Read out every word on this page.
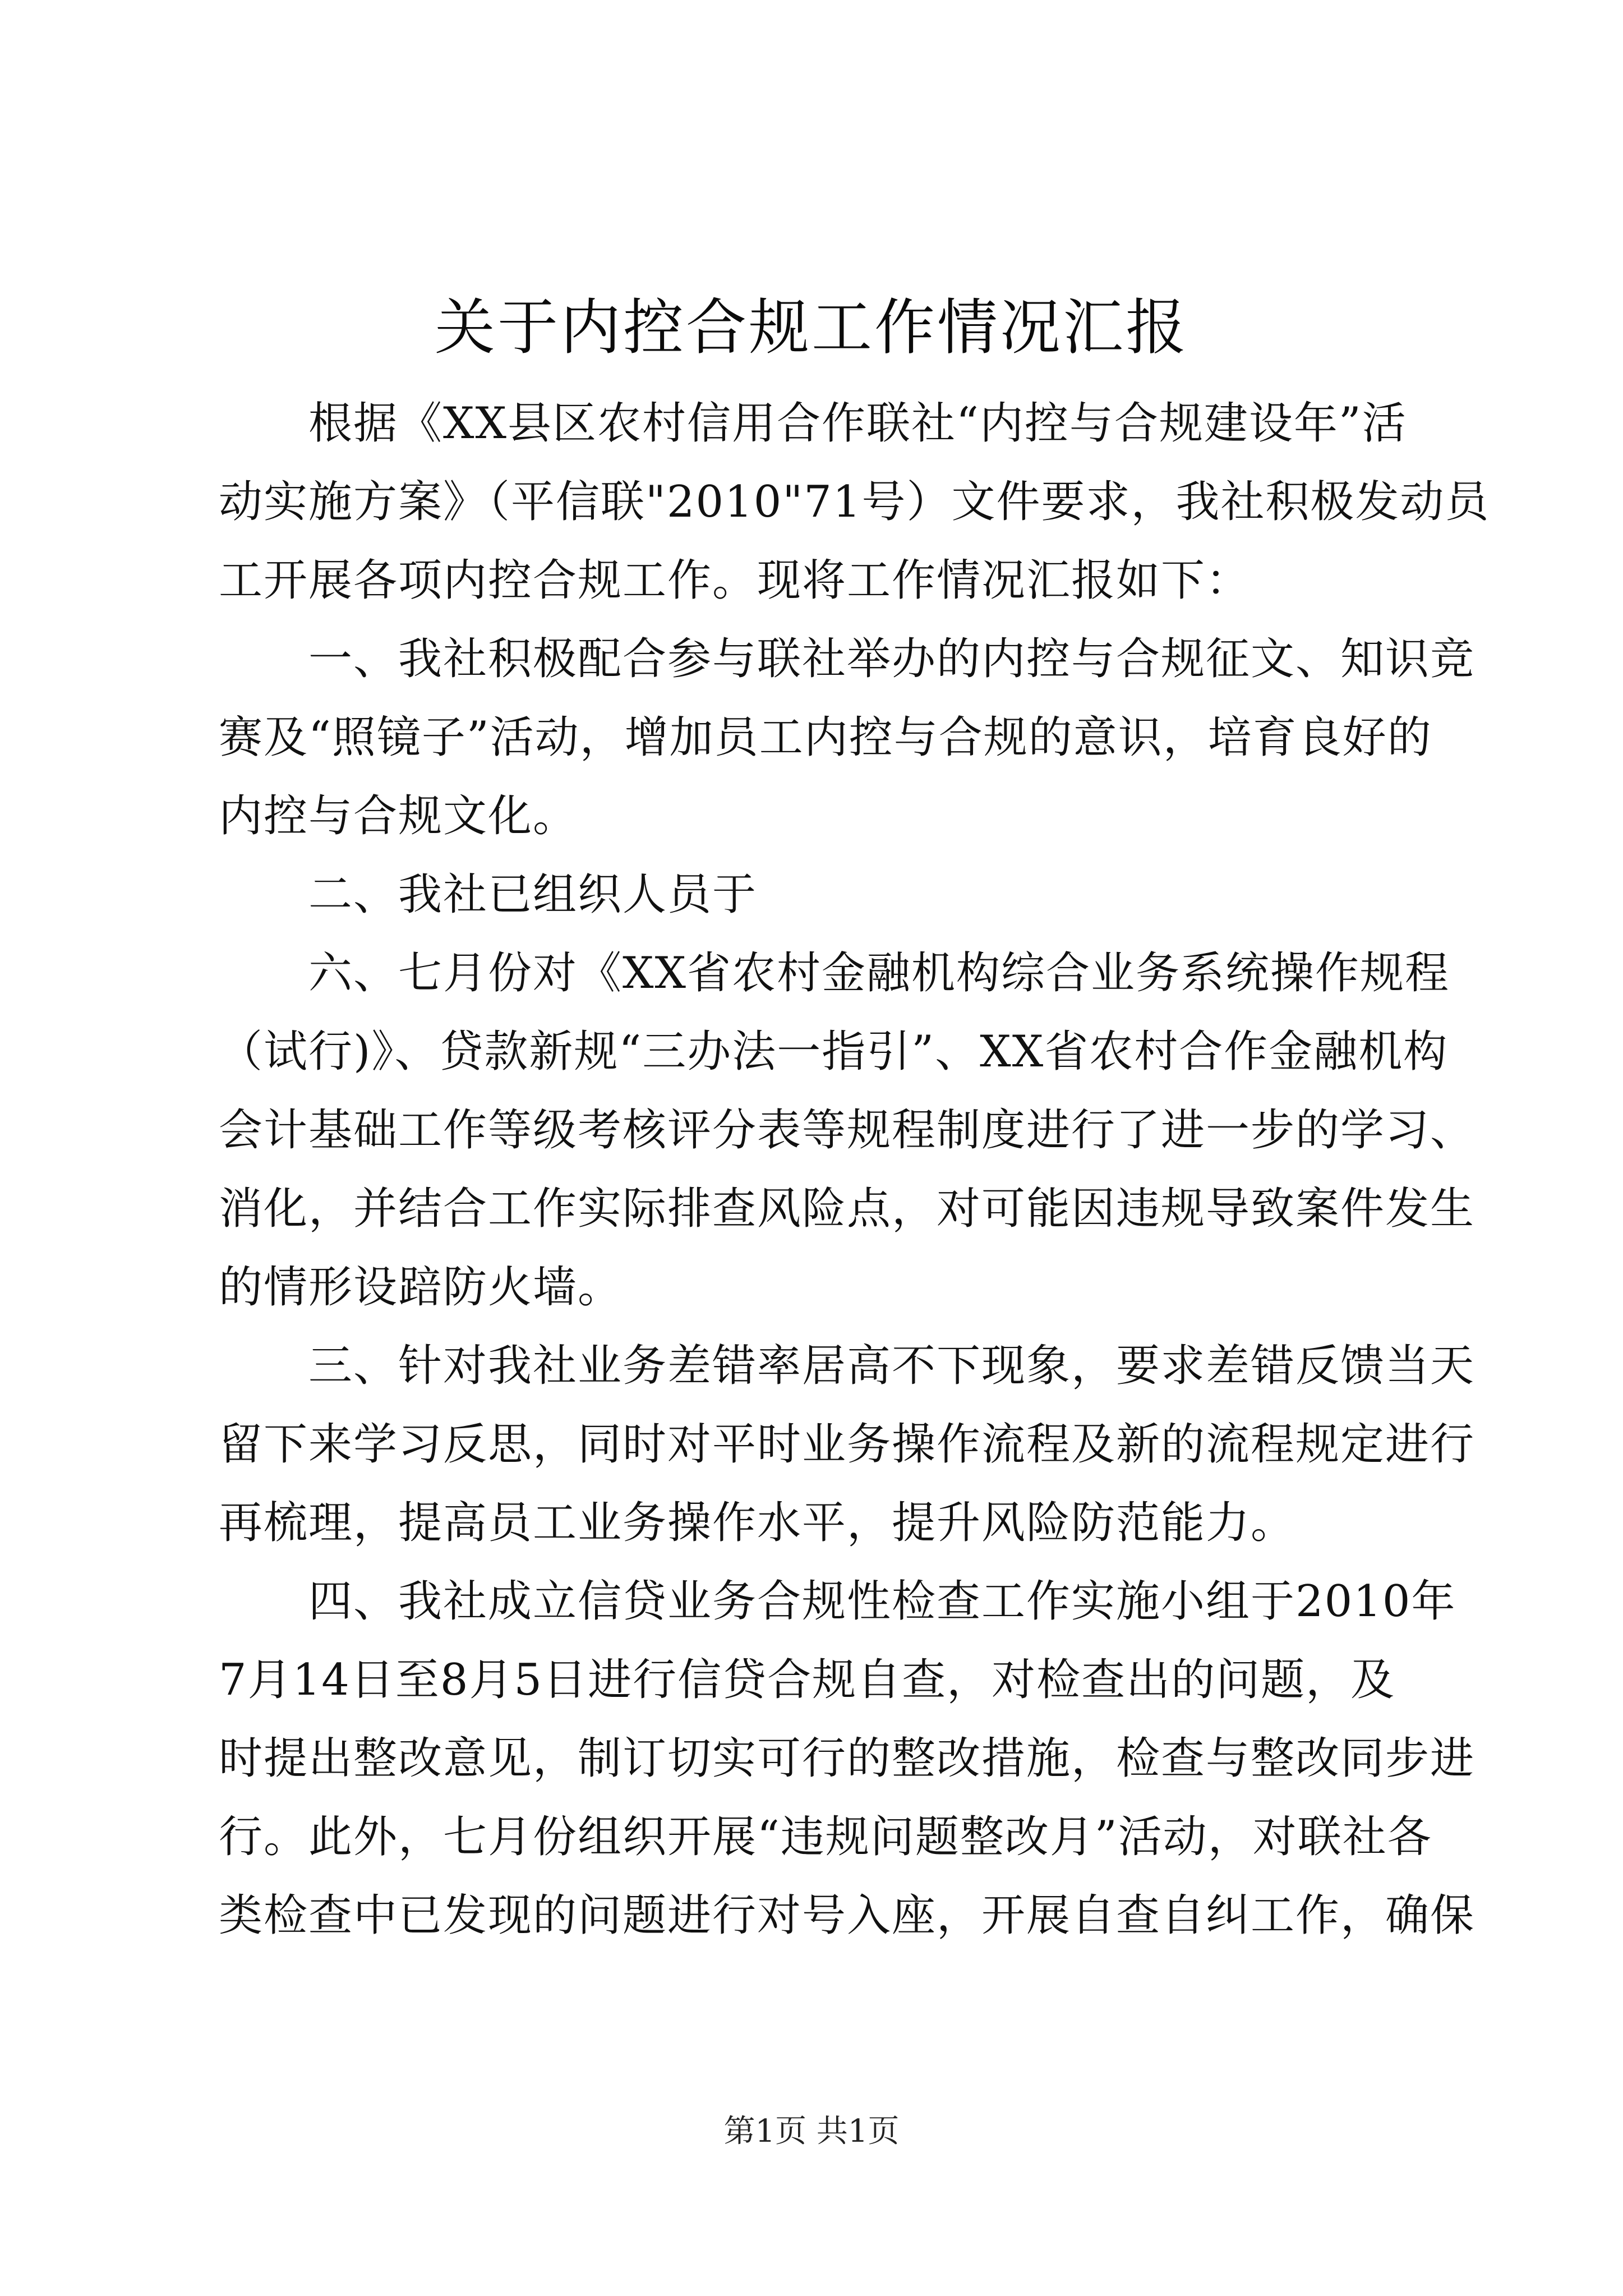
关于内控合规工作情况汇报

　　根据《XX县区农村信用合作联社“内控与合规建设年”活

动实施方案》（平信联"2010"71号）文件要求，我社积极发动员

工开展各项内控合规工作。现将工作情况汇报如下：

　　一、我社积极配合参与联社举办的内控与合规征文、知识竞

赛及“照镜子”活动，增加员工内控与合规的意识，培育良好的

内控与合规文化。

　　二、我社已组织人员于

　　六、七月份对《XX省农村金融机构综合业务系统操作规程

（试行)》、贷款新规“三办法一指引”、XX省农村合作金融机构

会计基础工作等级考核评分表等规程制度进行了进一步的学习、

消化，并结合工作实际排查风险点，对可能因违规导致案件发生

的情形设踣防火墙。

　　三、针对我社业务差错率居高不下现象，要求差错反馈当天

留下来学习反思，同时对平时业务操作流程及新的流程规定进行

再梳理，提高员工业务操作水平，提升风险防范能力。

　　四、我社成立信贷业务合规性检查工作实施小组于2010年

7月14日至8月5日进行信贷合规自查，对检查出的问题，及

时提出整改意见，制订切实可行的整改措施，检查与整改同步进

行。此外，七月份组织开展“违规问题整改月”活动，对联社各

类检查中已发现的问题进行对号入座，开展自查自纠工作，确保

第1页 共1页
